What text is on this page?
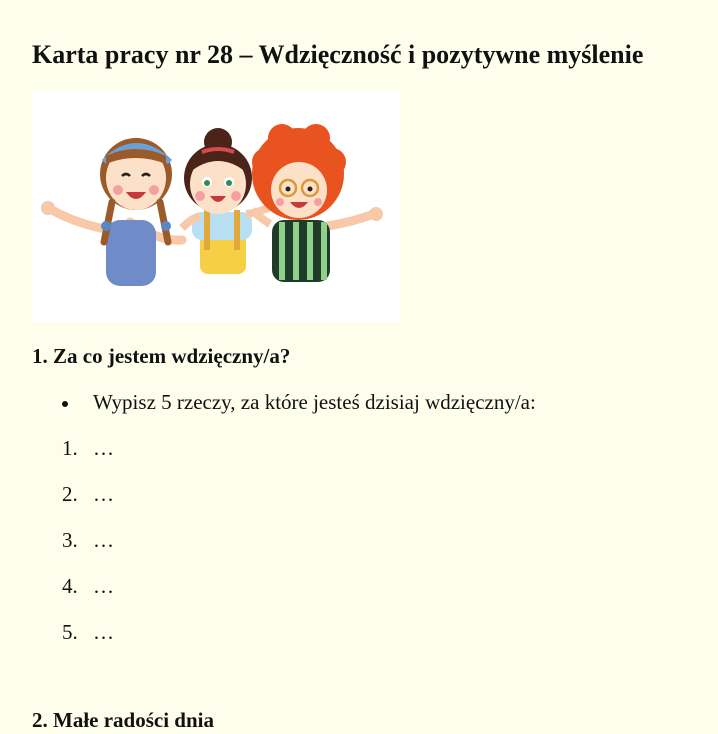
Karta pracy nr 28 – Wdzięczność i pozytywne myślenie
1. Za co jestem wdzięczny/a?
Wypisz 5 rzeczy, za które jesteś dzisiaj wdzięczny/a:
1. …
2. …
3. …
4. …
5. …
2. Małe radości dnia
